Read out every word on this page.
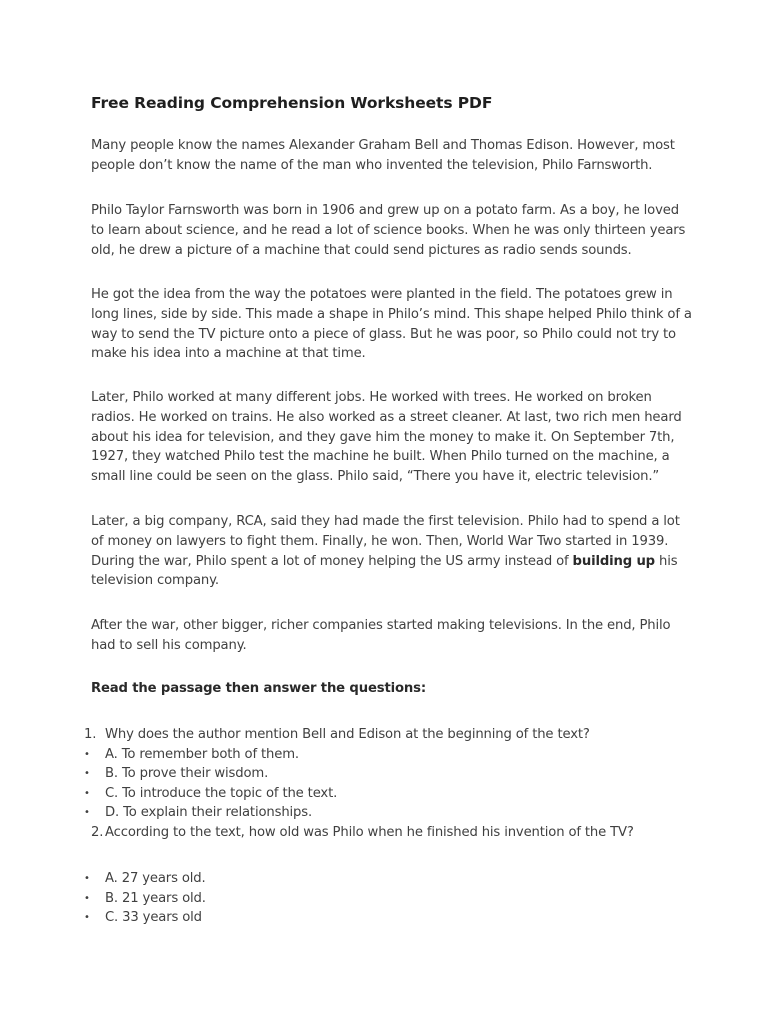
Free Reading Comprehension Worksheets PDF
Many people know the names Alexander Graham Bell and Thomas Edison. However, most
people don’t know the name of the man who invented the television, Philo Farnsworth.
Philo Taylor Farnsworth was born in 1906 and grew up on a potato farm. As a boy, he loved
to learn about science, and he read a lot of science books. When he was only thirteen years
old, he drew a picture of a machine that could send pictures as radio sends sounds.
He got the idea from the way the potatoes were planted in the field. The potatoes grew in
long lines, side by side. This made a shape in Philo’s mind. This shape helped Philo think of a
way to send the TV picture onto a piece of glass. But he was poor, so Philo could not try to
make his idea into a machine at that time.
Later, Philo worked at many different jobs. He worked with trees. He worked on broken
radios. He worked on trains. He also worked as a street cleaner. At last, two rich men heard
about his idea for television, and they gave him the money to make it. On September 7th,
1927, they watched Philo test the machine he built. When Philo turned on the machine, a
small line could be seen on the glass. Philo said, “There you have it, electric television.”
Later, a big company, RCA, said they had made the first television. Philo had to spend a lot
of money on lawyers to fight them. Finally, he won. Then, World War Two started in 1939.
During the war, Philo spent a lot of money helping the US army instead of building up his
television company.
After the war, other bigger, richer companies started making televisions. In the end, Philo
had to sell his company.
Read the passage then answer the questions:
1. Why does the author mention Bell and Edison at the beginning of the text?
•	A. To remember both of them.
•	B. To prove their wisdom.
•	C. To introduce the topic of the text.
•	D. To explain their relationships.
2. According to the text, how old was Philo when he finished his invention of the TV?
•	A. 27 years old.
•	B. 21 years old.
•	C. 33 years old
